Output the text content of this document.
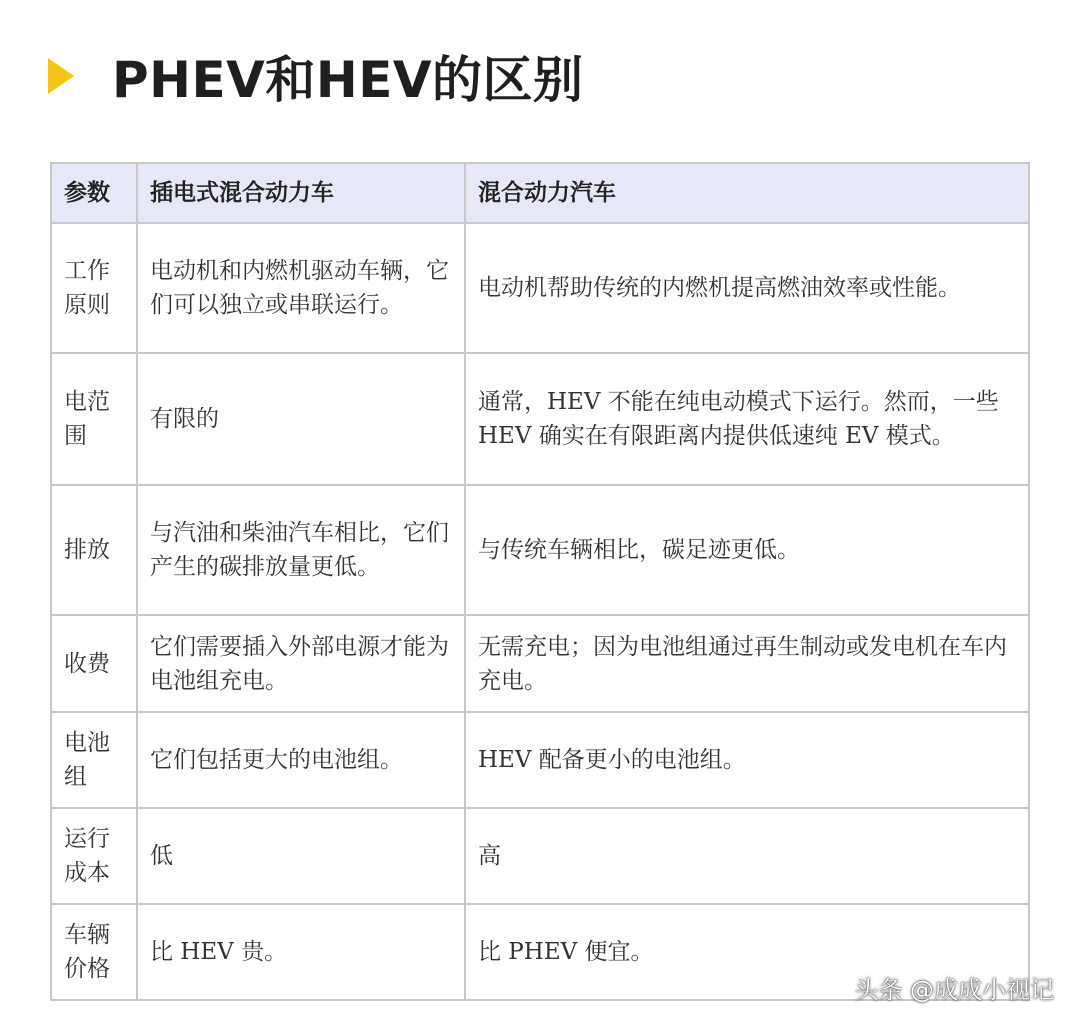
PHEV和HEV的区别
参数	插电式混合动力车	混合动力汽车
工作原则	电动机和内燃机驱动车辆，它们可以独立或串联运行。	电动机帮助传统的内燃机提高燃油效率或性能。
电范围	有限的	通常，HEV 不能在纯电动模式下运行。然而，一些 HEV 确实在有限距离内提供低速纯 EV 模式。
排放	与汽油和柴油汽车相比，它们产生的碳排放量更低。	与传统车辆相比，碳足迹更低。
收费	它们需要插入外部电源才能为电池组充电。	无需充电；因为电池组通过再生制动或发电机在车内充电。
电池组	它们包括更大的电池组。	HEV 配备更小的电池组。
运行成本	低	高
车辆价格	比 HEV 贵。	比 PHEV 便宜。
头条 @成成小视记
